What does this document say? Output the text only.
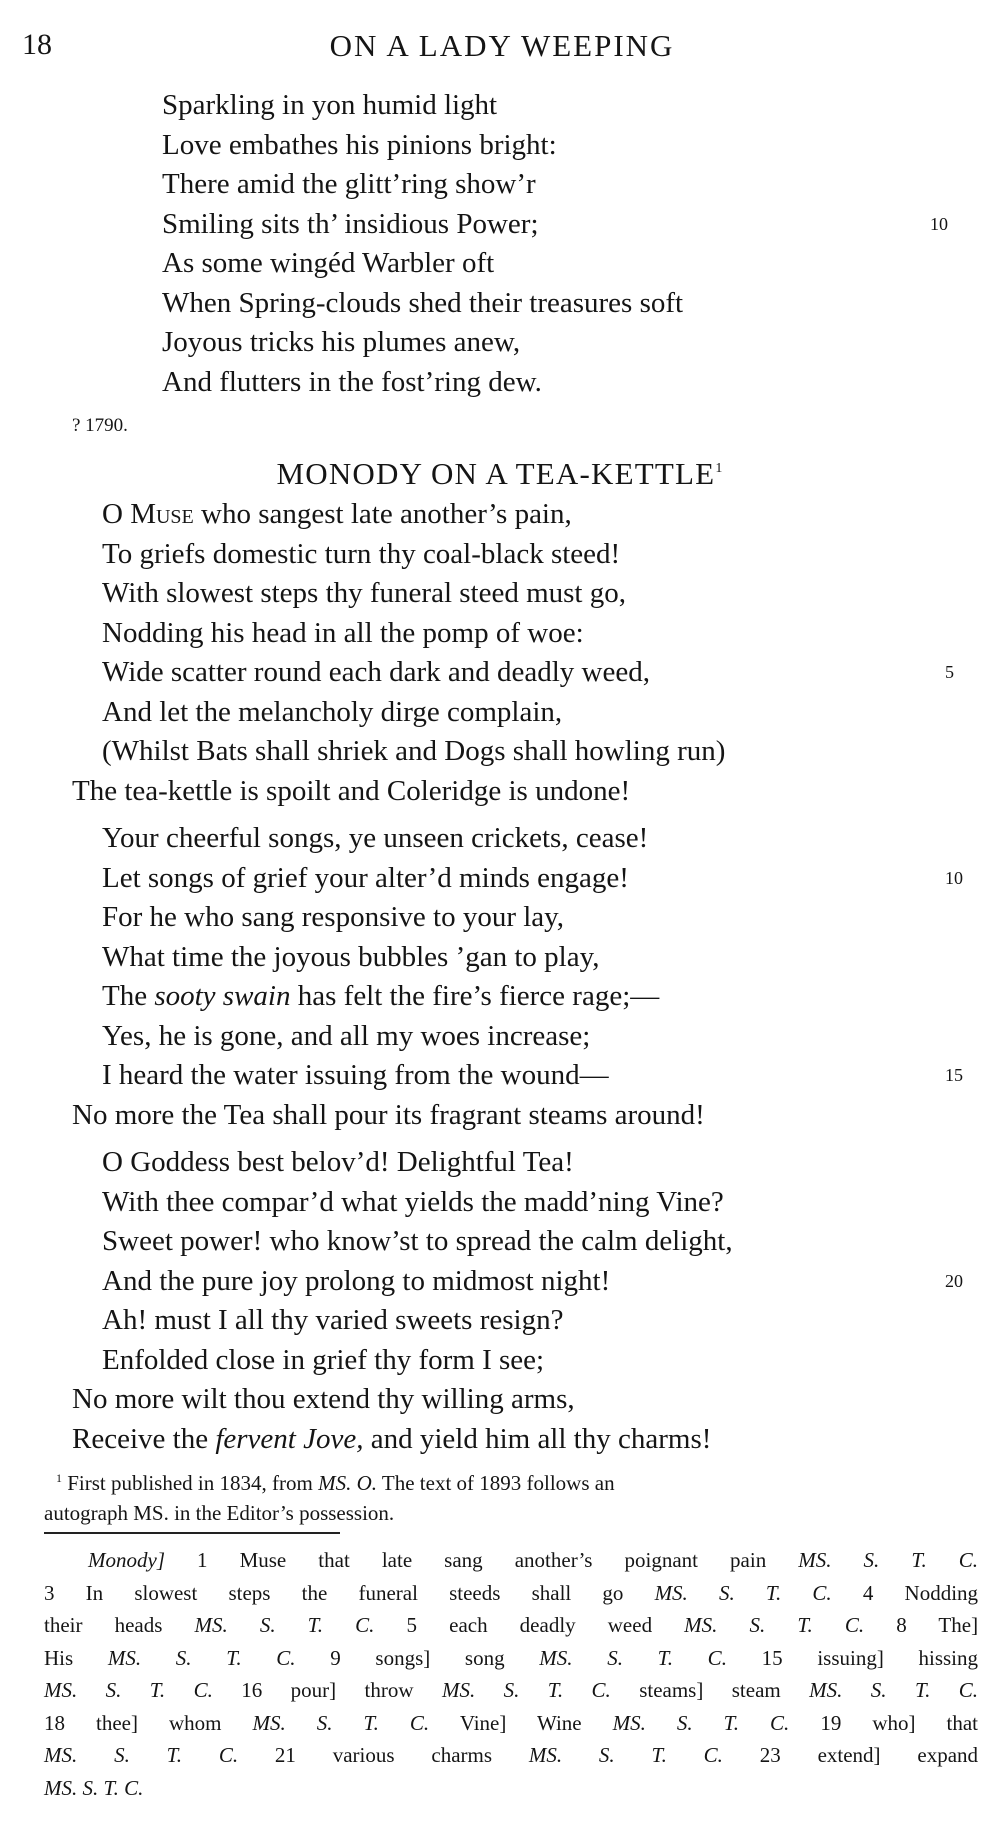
18	ON A LADY WEEPING
Sparkling in yon humid light
Love embathes his pinions bright:
There amid the glitt’ring show’r
Smiling sits th’ insidious Power;	10
As some wingéd Warbler oft
When Spring-clouds shed their treasures soft
Joyous tricks his plumes anew,
And flutters in the fost’ring dew.
? 1790.
MONODY ON A TEA-KETTLE$^1$
O Muse who sangest late another’s pain,
To griefs domestic turn thy coal-black steed!
With slowest steps thy funeral steed must go,
Nodding his head in all the pomp of woe:
Wide scatter round each dark and deadly weed,	5
And let the melancholy dirge complain,
(Whilst Bats shall shriek and Dogs shall howling run)
The tea-kettle is spoilt and Coleridge is undone!
Your cheerful songs, ye unseen crickets, cease!
Let songs of grief your alter’d minds engage!	10
For he who sang responsive to your lay,
What time the joyous bubbles ’gan to play,
The sooty swain has felt the fire’s fierce rage;—
Yes, he is gone, and all my woes increase;
I heard the water issuing from the wound—	15
No more the Tea shall pour its fragrant steams around!
O Goddess best belov’d! Delightful Tea!
With thee compar’d what yields the madd’ning Vine?
Sweet power! who know’st to spread the calm delight,
And the pure joy prolong to midmost night!	20
Ah! must I all thy varied sweets resign?
Enfolded close in grief thy form I see;
No more wilt thou extend thy willing arms,
Receive the fervent Jove, and yield him all thy charms!
$^1$ First published in 1834, from MS. O. The text of 1893 follows an
autograph MS. in the Editor’s possession.
Monody] 1 Muse that late sang another’s poignant pain MS. S. T. C.
3 In slowest steps the funeral steeds shall go MS. S. T. C. 4 Nodding
their heads MS. S. T. C. 5 each deadly weed MS. S. T. C. 8 The]
His MS. S. T. C. 9 songs] song MS. S. T. C. 15 issuing] hissing
MS. S. T. C. 16 pour] throw MS. S. T. C. steams] steam MS. S. T. C.
18 thee] whom MS. S. T. C. Vine] Wine MS. S. T. C. 19 who] that
MS. S. T. C. 21 various charms MS. S. T. C. 23 extend] expand
MS. S. T. C.
